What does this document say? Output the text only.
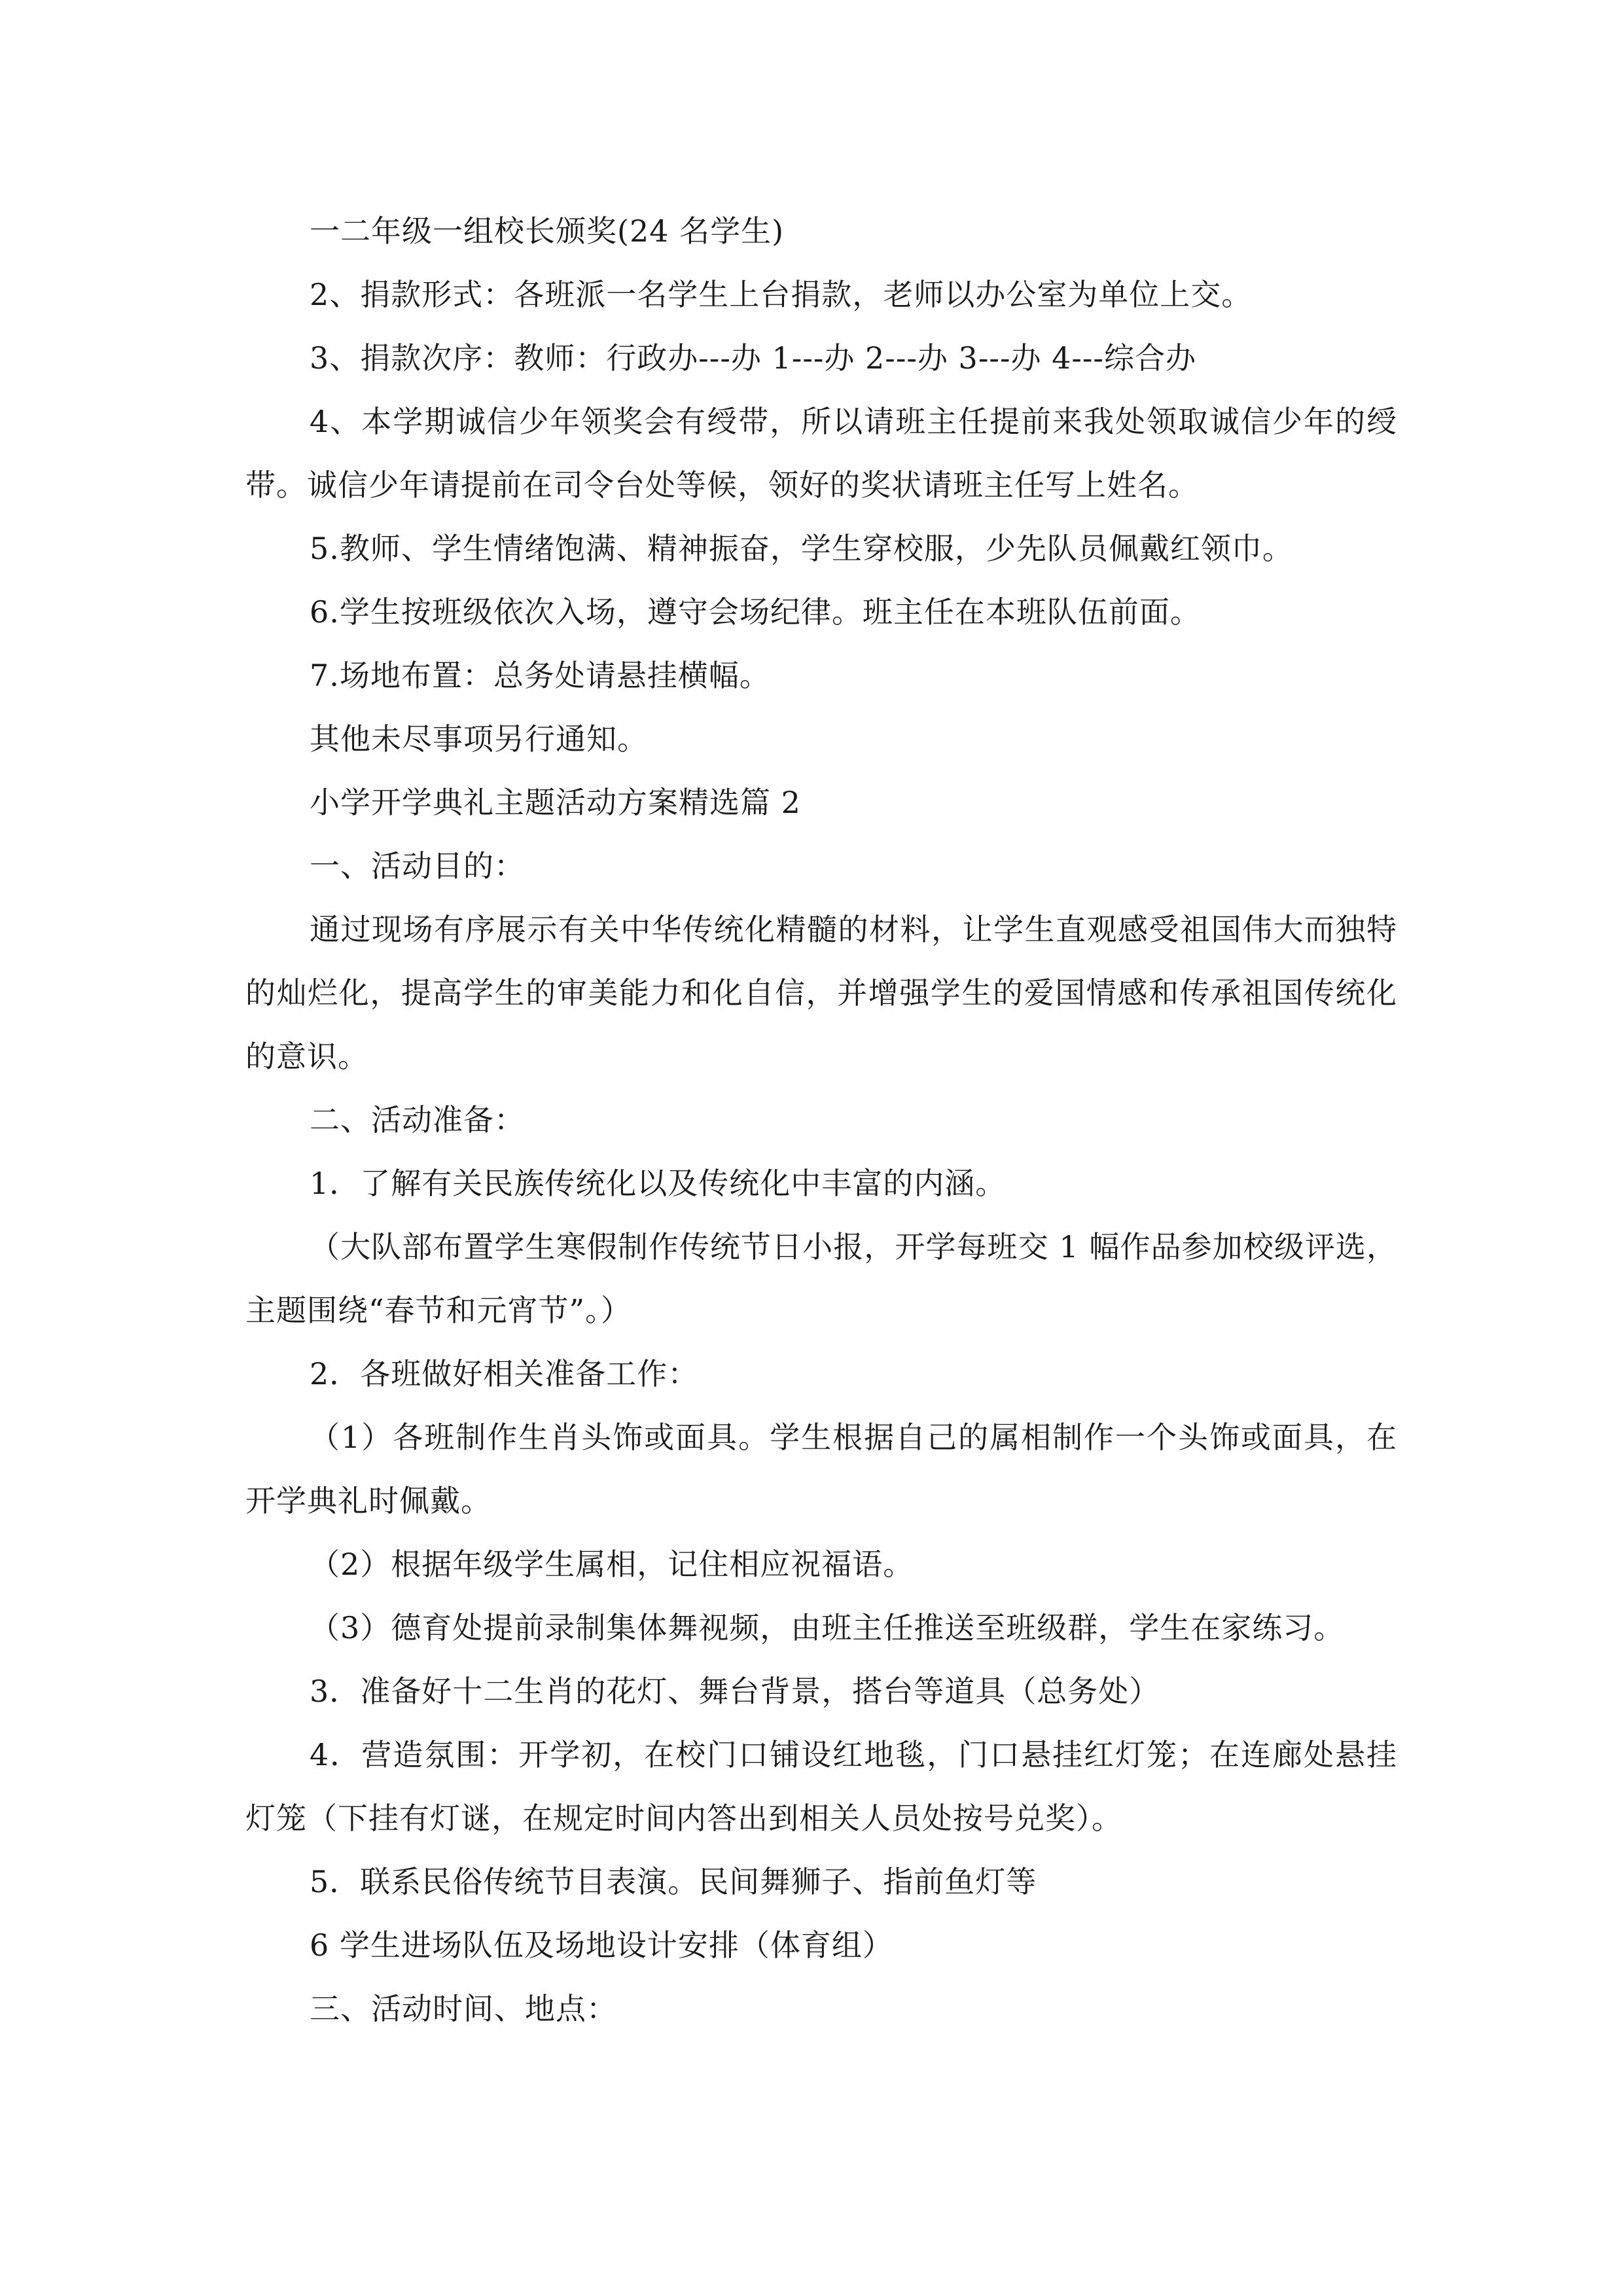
一二年级一组校长颁奖(24 名学生)

2、捐款形式：各班派一名学生上台捐款，老师以办公室为单位上交。

3、捐款次序：教师：行政办---办 1---办 2---办 3---办 4---综合办

4、本学期诚信少年领奖会有绶带，所以请班主任提前来我处领取诚信少年的绶带。诚信少年请提前在司令台处等候，领好的奖状请班主任写上姓名。

5.教师、学生情绪饱满、精神振奋，学生穿校服，少先队员佩戴红领巾。

6.学生按班级依次入场，遵守会场纪律。班主任在本班队伍前面。

7.场地布置：总务处请悬挂横幅。

其他未尽事项另行通知。

小学开学典礼主题活动方案精选篇 2

一、活动目的：

通过现场有序展示有关中华传统化精髓的材料，让学生直观感受祖国伟大而独特的灿烂化，提高学生的审美能力和化自信，并增强学生的爱国情感和传承祖国传统化的意识。

二、活动准备：

1．了解有关民族传统化以及传统化中丰富的内涵。

（大队部布置学生寒假制作传统节日小报，开学每班交 1 幅作品参加校级评选，主题围绕“春节和元宵节”。）

2．各班做好相关准备工作：

（1）各班制作生肖头饰或面具。学生根据自己的属相制作一个头饰或面具，在开学典礼时佩戴。

（2）根据年级学生属相，记住相应祝福语。

（3）德育处提前录制集体舞视频，由班主任推送至班级群，学生在家练习。

3．准备好十二生肖的花灯、舞台背景，搭台等道具（总务处）

4．营造氛围：开学初，在校门口铺设红地毯，门口悬挂红灯笼；在连廊处悬挂灯笼（下挂有灯谜，在规定时间内答出到相关人员处按号兑奖）。

5．联系民俗传统节目表演。民间舞狮子、指前鱼灯等

6 学生进场队伍及场地设计安排（体育组）

三、活动时间、地点：
